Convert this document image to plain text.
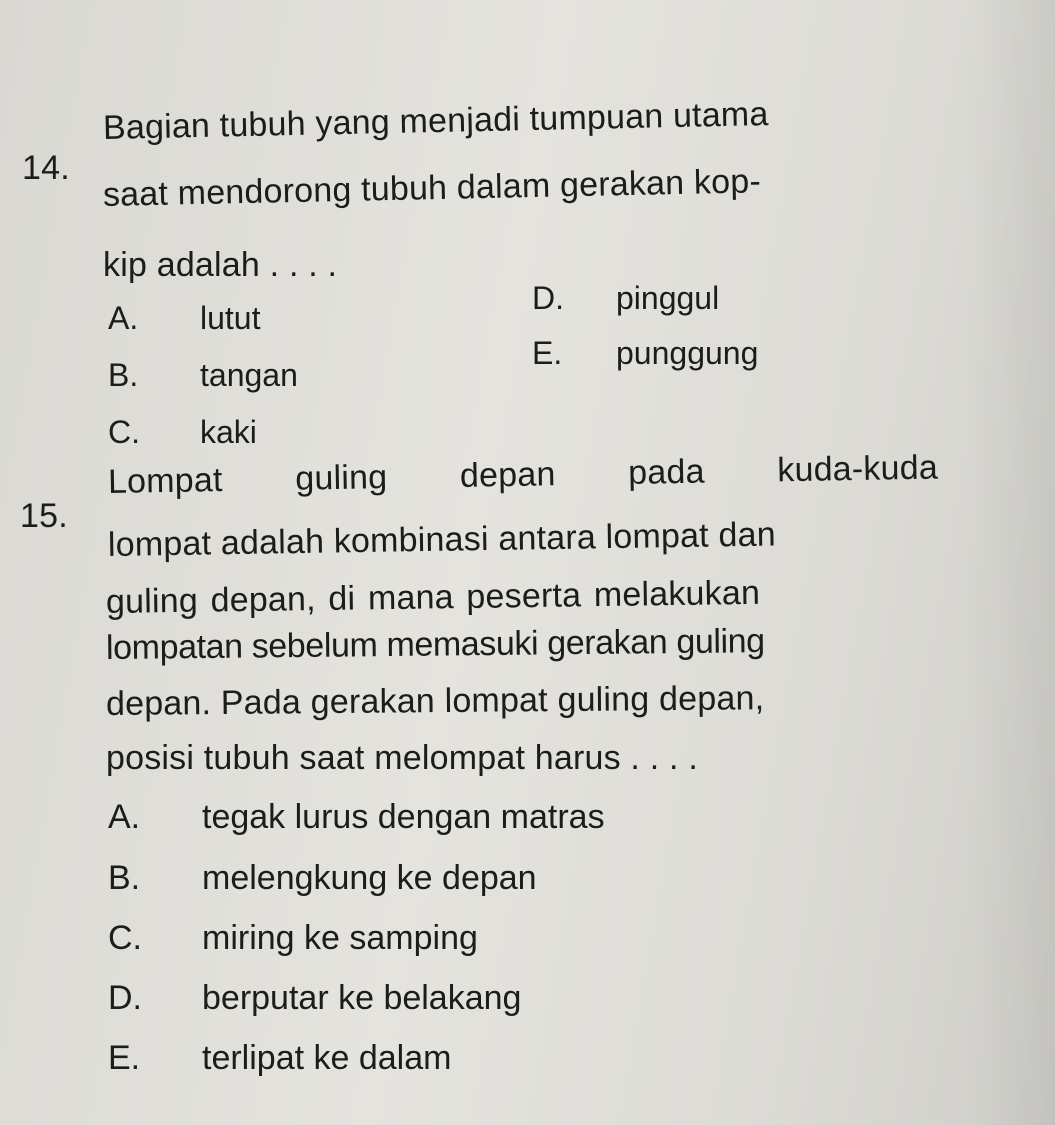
14.
Bagian tubuh yang menjadi tumpuan utama
saat mendorong tubuh dalam gerakan kop-
kip adalah . . . .
A. lutut
B. tangan
C. kaki
D. pinggul
E. punggung
15.
Lompat guling depan pada kuda-kuda
lompat adalah kombinasi antara lompat dan
guling depan, di mana peserta melakukan
lompatan sebelum memasuki gerakan guling
depan. Pada gerakan lompat guling depan,
posisi tubuh saat melompat harus . . . .
A. tegak lurus dengan matras
B. melengkung ke depan
C. miring ke samping
D. berputar ke belakang
E. terlipat ke dalam
